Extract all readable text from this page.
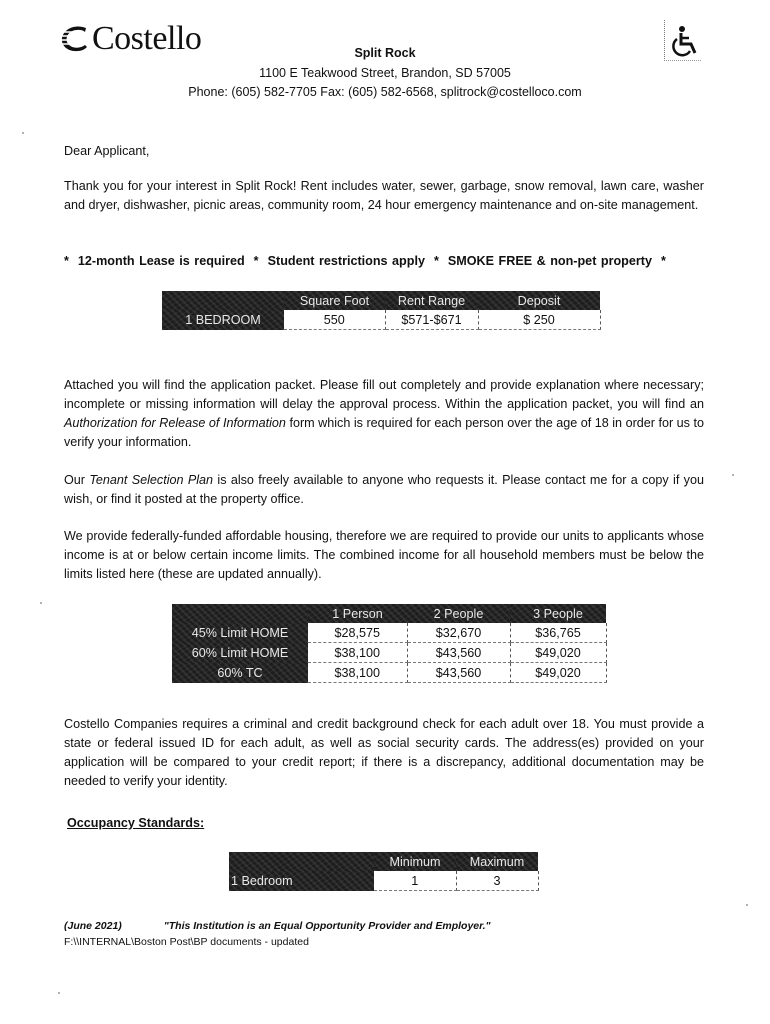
Costello	Split Rock
1100 E Teakwood Street, Brandon, SD 57005
Phone: (605) 582-7705 Fax: (605) 582-6568, splitrock@costelloco.com
Dear Applicant,
Thank you for your interest in Split Rock! Rent includes water, sewer, garbage, snow removal, lawn care, washer and dryer, dishwasher, picnic areas, community room, 24 hour emergency maintenance and on-site management.
*  12-month Lease is required  *  Student restrictions apply  *  SMOKE FREE & non-pet property  *
	Square Foot	Rent Range	Deposit
1 BEDROOM	550	$571-$671	$ 250
Attached you will find the application packet. Please fill out completely and provide explanation where necessary; incomplete or missing information will delay the approval process. Within the application packet, you will find an Authorization for Release of Information form which is required for each person over the age of 18 in order for us to verify your information.
Our Tenant Selection Plan is also freely available to anyone who requests it. Please contact me for a copy if you wish, or find it posted at the property office.
We provide federally-funded affordable housing, therefore we are required to provide our units to applicants whose income is at or below certain income limits. The combined income for all household members must be below the limits listed here (these are updated annually).
	1 Person	2 People	3 People
45% Limit HOME	$28,575	$32,670	$36,765
60% Limit HOME	$38,100	$43,560	$49,020
60% TC	$38,100	$43,560	$49,020
Costello Companies requires a criminal and credit background check for each adult over 18. You must provide a state or federal issued ID for each adult, as well as social security cards. The address(es) provided on your application will be compared to your credit report; if there is a discrepancy, additional documentation may be needed to verify your identity.
Occupancy Standards:
	Minimum	Maximum
1 Bedroom	1	3
(June 2021)	"This Institution is an Equal Opportunity Provider and Employer."
F:\\INTERNAL\Boston Post\BP documents - updated
